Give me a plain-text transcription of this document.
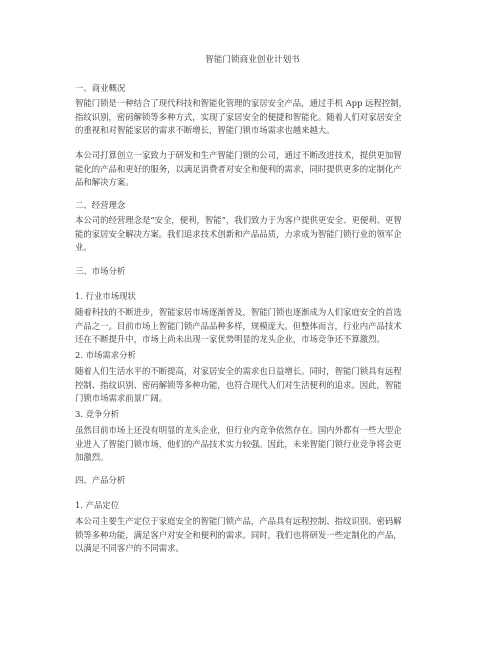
智能门锁商业创业计划书
一、商业概况
智能门锁是一种结合了现代科技和智能化管理的家居安全产品，通过手机 App 远程控制，
指纹识别，密码解锁等多种方式，实现了家居安全的便捷和智能化。随着人们对家居安全
的重视和对智能家居的需求不断增长，智能门锁市场需求也越来越大。
本公司打算创立一家致力于研发和生产智能门锁的公司，通过不断改进技术，提供更加智
能化的产品和更好的服务，以满足消费者对安全和便利的需求，同时提供更多的定制化产
品和解决方案。
二、经营理念
本公司的经营理念是“安全，便利，智能”，我们致力于为客户提供更安全、更便利、更智
能的家居安全解决方案。我们追求技术创新和产品品质，力求成为智能门锁行业的领军企
业。
三、市场分析
1. 行业市场现状
随着科技的不断进步，智能家居市场逐渐普及，智能门锁也逐渐成为人们家庭安全的首选
产品之一。目前市场上智能门锁产品品种多样，规模庞大。但整体而言，行业内产品技术
还在不断提升中，市场上尚未出现一家优势明显的龙头企业，市场竞争还不算激烈。
2. 市场需求分析
随着人们生活水平的不断提高，对家居安全的需求也日益增长。同时，智能门锁具有远程
控制、指纹识别、密码解锁等多种功能，也符合现代人们对生活便利的追求。因此，智能
门锁市场需求前景广阔。
3. 竞争分析
虽然目前市场上还没有明显的龙头企业，但行业内竞争依然存在。国内外都有一些大型企
业进入了智能门锁市场，他们的产品技术实力较强。因此，未来智能门锁行业竞争将会更
加激烈。
四、产品分析
1. 产品定位
本公司主要生产定位于家庭安全的智能门锁产品，产品具有远程控制、指纹识别、密码解
锁等多种功能，满足客户对安全和便利的需求。同时，我们也将研发一些定制化的产品，
以满足不同客户的不同需求。
